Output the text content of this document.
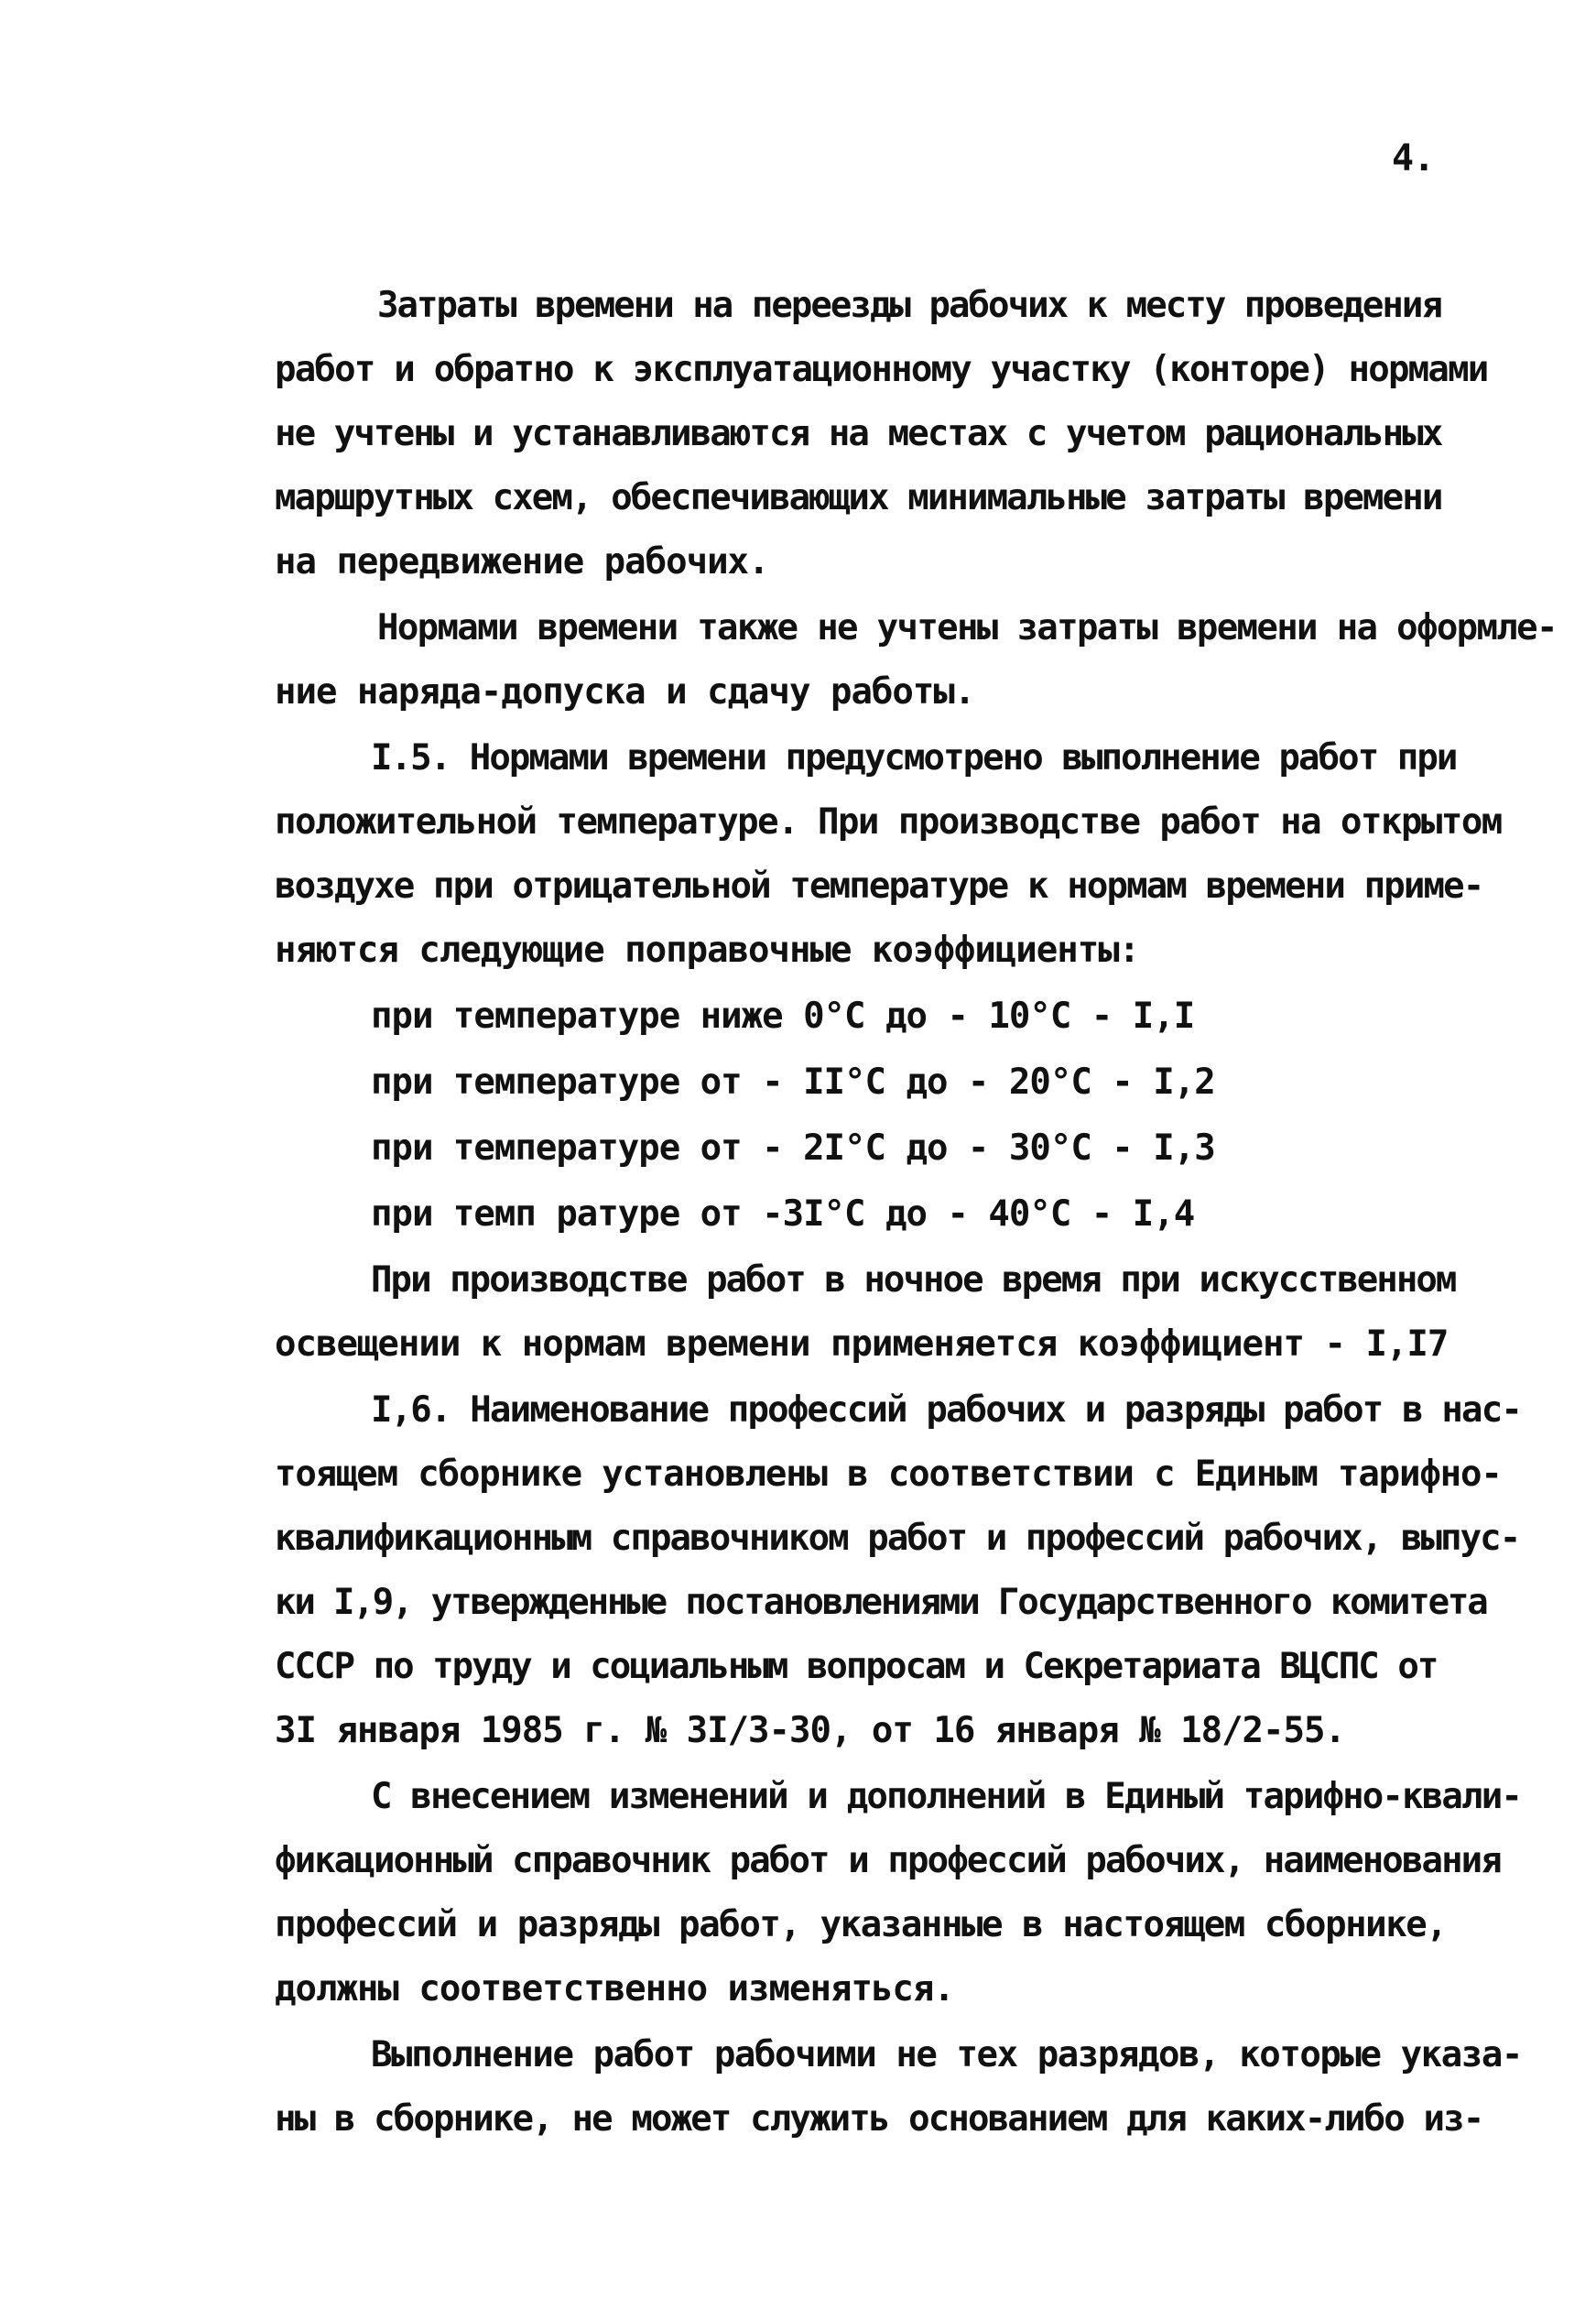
4.
Затраты времени на переезды рабочих к месту проведения
работ и обратно к эксплуатационному участку (конторе) нормами
не учтены и устанавливаются на местах с учетом рациональных
маршрутных схем, обеспечивающих минимальные затраты времени
на передвижение рабочих.
Нормами времени также не учтены затраты времени на оформле-
ние наряда-допуска и сдачу работы.
I.5. Нормами времени предусмотрено выполнение работ при
положительной температуре. При производстве работ на открытом
воздухе при отрицательной температуре к нормам времени приме-
няются следующие поправочные коэффициенты:
при температуре ниже 0°С до - 10°С - I,I
при температуре от - II°С до - 20°С - I,2
при температуре от - 2I°С до - 30°С - I,3
при темп ратуре от -3I°С до - 40°С - I,4
При производстве работ в ночное время при искусственном
освещении к нормам времени применяется коэффициент - I,I7
I,6. Наименование профессий рабочих и разряды работ в нас-
тоящем сборнике установлены в соответствии с Единым тарифно-
квалификационным справочником работ и профессий рабочих, выпус-
ки I,9, утвержденные постановлениями Государственного комитета
СССР по труду и социальным вопросам и Секретариата ВЦСПС от
3I января 1985 г. № 3I/3-30, от 16 января № 18/2-55.
С внесением изменений и дополнений в Единый тарифно-квали-
фикационный справочник работ и профессий рабочих, наименования
профессий и разряды работ, указанные в настоящем сборнике,
должны соответственно изменяться.
Выполнение работ рабочими не тех разрядов, которые указа-
ны в сборнике, не может служить основанием для каких-либо из-
